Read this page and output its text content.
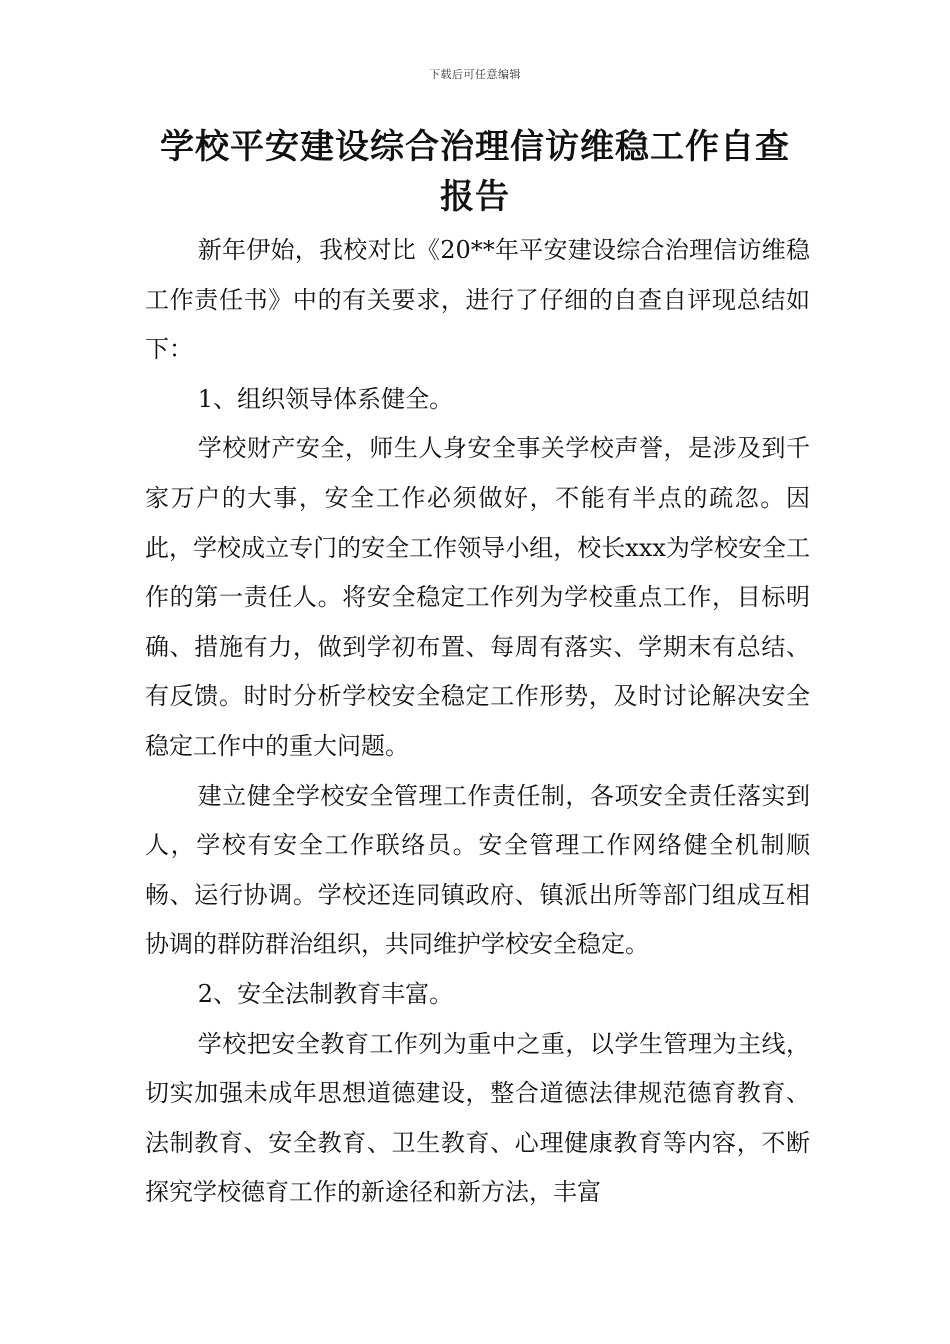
下载后可任意编辑
学校平安建设综合治理信访维稳工作自查
报告

新年伊始，我校对比《20**年平安建设综合治理信访维稳工作责任书》中的有关要求，进行了仔细的自查自评现总结如下：

1、组织领导体系健全。

学校财产安全，师生人身安全事关学校声誉，是涉及到千家万户的大事，安全工作必须做好，不能有半点的疏忽。因此，学校成立专门的安全工作领导小组，校长xxx为学校安全工作的第一责任人。将安全稳定工作列为学校重点工作，目标明确、措施有力，做到学初布置、每周有落实、学期末有总结、有反馈。时时分析学校安全稳定工作形势，及时讨论解决安全稳定工作中的重大问题。

建立健全学校安全管理工作责任制，各项安全责任落实到人，学校有安全工作联络员。安全管理工作网络健全机制顺畅、运行协调。学校还连同镇政府、镇派出所等部门组成互相协调的群防群治组织，共同维护学校安全稳定。

2、安全法制教育丰富。

学校把安全教育工作列为重中之重，以学生管理为主线，切实加强未成年思想道德建设，整合道德法律规范德育教育、法制教育、安全教育、卫生教育、心理健康教育等内容，不断探究学校德育工作的新途径和新方法，丰富
